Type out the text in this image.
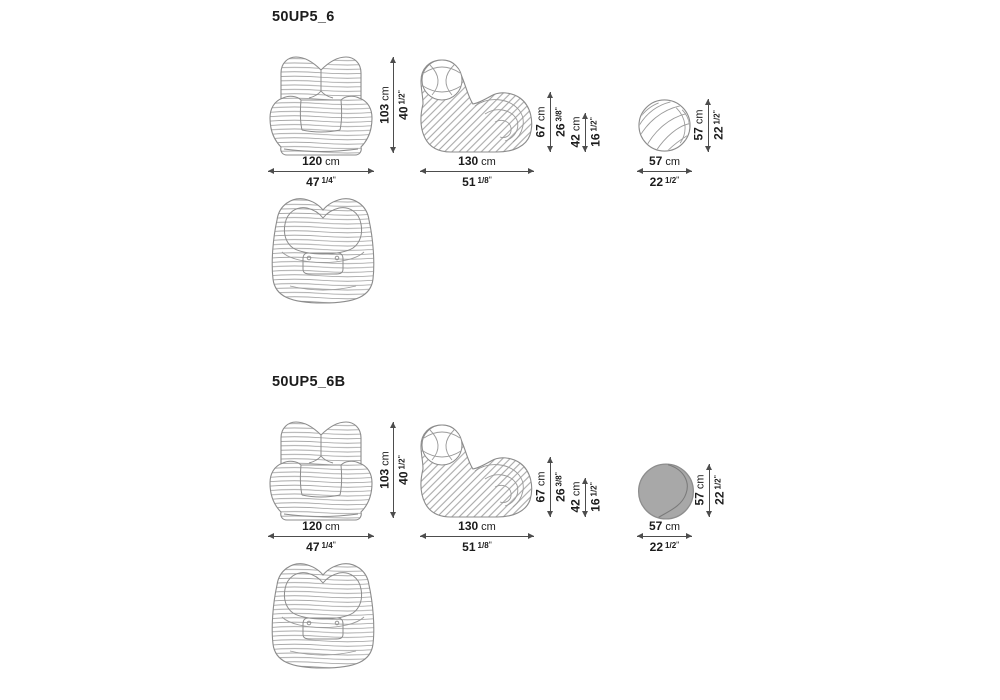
50UP5_6
120 cm
47 1/4"
130 cm
51 1/8"
57 cm
22 1/2"
103cm
401/2"
67cm
263/8"
42cm
161/2"
57cm
221/2"
50UP5_6B
120 cm
47 1/4"
130 cm
51 1/8"
57 cm
22 1/2"
103cm
401/2"
67cm
263/8"
42cm
161/2"
57cm
221/2"
